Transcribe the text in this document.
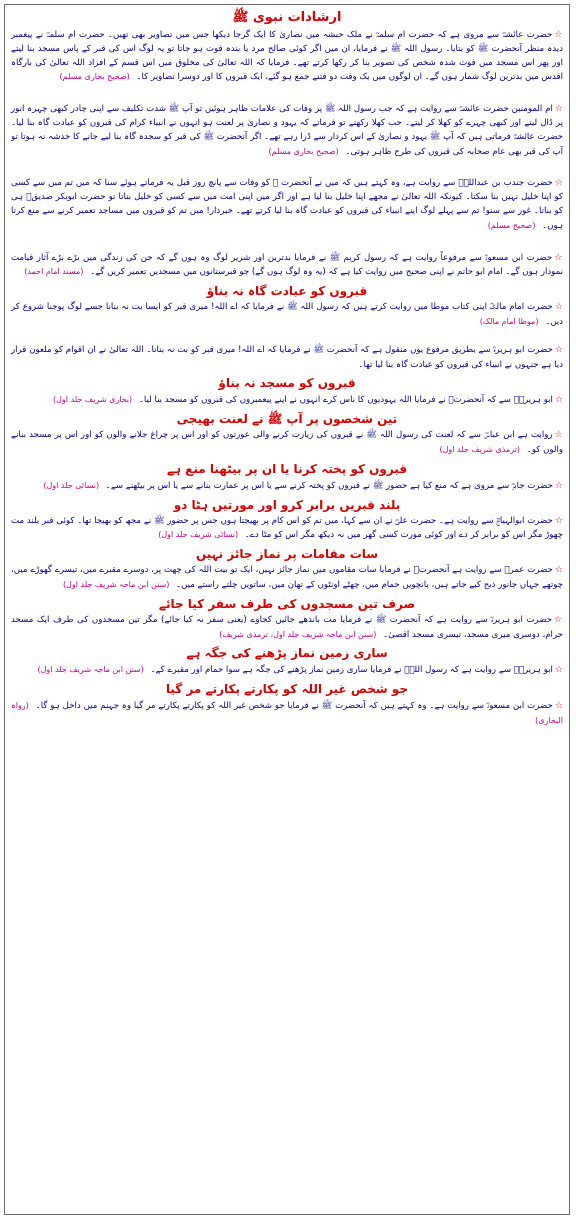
ارشادات نبوی ﷺ

☆حضرت عائشہؓ سے مروی ہے کہ حضرت ام سلمہؓ نے ملک حبشہ میں نصاریٰ کا ایک گرجا دیکھا جس میں تصاویر بھی تھیں۔ حضرت ام سلمہؓ نے پیغمبر دیدہ منظر آنحضرت ﷺ کو بتایا۔ رسول اللہ ﷺ نے فرمایا، ان میں اگر کوئی صالح مرد یا بندہ فوت ہو جاتا تو یہ لوگ اس کی قبر کے پاس مسجد بنا لیتے اور پھر اس مسجد میں فوت شدہ شخص کی تصویر بنا کر رکھا کرتے تھے۔ فرمایا کہ اللہ تعالیٰ کی مخلوق میں اس قسم کے افراد اللہ تعالیٰ کی بارگاہ اقدس میں بدترین لوگ شمار ہوں گے۔ ان لوگوں میں یک وقت دو فتنے جمع ہو گئے، ایک قبروں کا اور دوسرا تصاویر کا۔ (صحیح بخاری مسلم)

☆ام المومنین حضرت عائشہؓ سے روایت ہے کہ جب رسول اللہ ﷺ پر وفات کی علامات ظاہر ہوئیں تو آپ ﷺ شدت تکلیف سے اپنی چادر کبھی چہرہ انور پر ڈال لیتے اور کبھی چہرے کو کھلا کر لیتے۔ جب کھلا رکھتے تو فرماتے کہ یہود و نصاریٰ پر لعنت ہو انہوں نے انبیاء کرام کی قبروں کو عبادت گاہ بنا لیا۔ حضرت عائشہؓ فرماتی ہیں کہ آپ ﷺ یہود و نصاریٰ کے اس کردار سے ڈرا رہے تھے۔ اگر آنحضرت ﷺ کی قبر کو سجدہ گاہ بنا لیے جانے کا خدشہ نہ ہوتا تو آپ کی قبر بھی عام صحابہ کی قبروں کی طرح ظاہر ہوتی۔ (صحیح بخاری مسلم)

☆حضرت جندب بن عبداللہؓ سے روایت ہے، وہ کہتے ہیں کہ میں نے آنحضرت ﷺ کو وفات سے پانچ روز قبل یہ فرماتے ہوئے سنا کہ میں تم میں سے کسی کو اپنا خلیل نہیں بنا سکتا۔ کیونکہ اللہ تعالیٰ نے مجھے اپنا خلیل بنا لیا ہے اور اگر میں اپنی امت میں سے کسی کو خلیل بناتا تو حضرت ابوبکر صدیقؓ ہی کو بناتا۔ غور سے سنو! تم سے پہلے لوگ اپنے انبیاء کی قبروں کو عبادت گاہ بنا لیا کرتے تھے۔ خبردار! میں تم کو قبروں میں مساجد تعمیر کرنے سے منع کرتا ہوں۔ (صحیح مسلم)

☆حضرت ابن مسعودؓ سے مرفوعاً روایت ہے کہ رسول کریم ﷺ نے فرمایا بدترین اور شریر لوگ وہ ہوں گے کہ جن کی زندگی میں بڑے بڑے آثار قیامت نمودار ہوں گے۔ امام ابو حاتم نے اپنی صحیح میں روایت کیا ہے کہ (یہ وہ لوگ ہوں گے) جو قبرستانوں میں مسجدیں تعمیر کریں گے۔ (مسند امام احمد)

قبروں کو عبادت گاہ نہ بناؤ

☆حضرت امام مالکؒ اپنی کتاب موطا میں روایت کرتے ہیں کہ رسول اللہ ﷺ نے فرمایا کہ اے اللہ! میری قبر کو ایسا بت نہ بنانا جسے لوگ پوجنا شروع کر دیں۔ (موطا امام مالک)

☆حضرت ابو ہریرہؓ سے بطریق مرفوع یوں منقول ہے کہ آنحضرت ﷺ نے فرمایا کہ اے اللہ! میری قبر کو بت نہ بنانا۔ اللہ تعالیٰ نے ان اقوام کو ملعون قرار دیا ہے جنہوں نے انبیاء کی قبروں کو عبادت گاہ بنا لیا تھا۔

قبروں کو مسجد نہ بناؤ

☆ابو ہریرہؓ سے کہ آنحضرتؐ نے فرمایا اللہ یہودیوں کا ناس کرے انہوں نے اپنے پیغمبروں کی قبروں کو مسجد بنا لیا۔ (بخاری شریف جلد اول)

تین شخصوں پر آپ ﷺ نے لعنت بھیجی

☆روایت ہے ابن عباسؓ سے کہ لعنت کی رسول اللہ ﷺ نے قبروں کی زیارت کرنے والی عورتوں کو اور اس پر چراغ جلانے والوں کو اور اس پر مسجد بنانے والوں کو۔ (ترمذی شریف جلد اول)

قبروں کو پختہ کرنا یا ان پر بیٹھنا منع ہے

☆حضرت جابرؓ سے مروی ہے کہ منع کیا ہے حضور ﷺ نے قبروں کو پختہ کرنے سے یا اس پر عمارت بنانے سے یا اس پر بیٹھنے سے۔ (نسائی جلد اول)

بلند قبریں برابر کرو اور مورتیں ہٹا دو

☆حضرت ابوالہیاجؒ سے روایت ہے۔ حضرت علیؓ نے ان سے کہا، میں تم کو اس کام پر بھیجتا ہوں جس پر حضور ﷺ نے مجھ کو بھیجا تھا۔ کوئی قبر بلند مت چھوڑ مگر اس کو برابر کر دے اور کوئی مورت کسی گھر میں نہ دیکھ مگر اس کو مٹا دے۔ (نسائی شریف جلد اول)

سات مقامات پر نماز جائز نہیں

☆حضرت عمرؓ سے روایت ہے آنحضرتؐ نے فرمایا سات مقاموں میں نماز جائز نہیں، ایک تو بیت اللہ کی چھت پر، دوسرے مقبرے میں، تیسرے گھوڑے میں، چوتھے جہاں جانور ذبح کیے جاتے ہیں، پانچویں حمام میں، چھٹے اونٹوں کے تھان میں، ساتویں چلتے راستے میں۔ (سنن ابن ماجہ شریف جلد اول)

صرف تین مسجدوں کی طرف سفر کیا جائے

☆حضرت ابو ہریرہؓ سے روایت ہے کہ آنحضرت ﷺ نے فرمایا مت باندھے جائیں کجاوے (یعنی سفر نہ کیا جائے) مگر تین مسجدوں کی طرف ایک مسجد حرام، دوسری میری مسجد، تیسری مسجد اقصیٰ۔ (سنن ابن ماجہ شریف جلد اول، ترمذی شریف)

ساری زمین نماز پڑھنے کی جگہ ہے

☆ابو ہریرہؓ سے روایت ہے کہ رسول اللہؐ نے فرمایا ساری زمین نماز پڑھنے کی جگہ ہے سوا حمام اور مقبرے کے۔ (سنن ابن ماجہ شریف جلد اول)

جو شخص غیر اللہ کو پکارتے پکارتے مر گیا

☆حضرت ابن مسعودؓ سے روایت ہے۔ وہ کہتے ہیں کہ آنحضرت ﷺ نے فرمایا جو شخص غیر اللہ کو پکارتے پکارتے مر گیا وہ جہنم میں داخل ہو گا۔ (رواہ البخاری)
